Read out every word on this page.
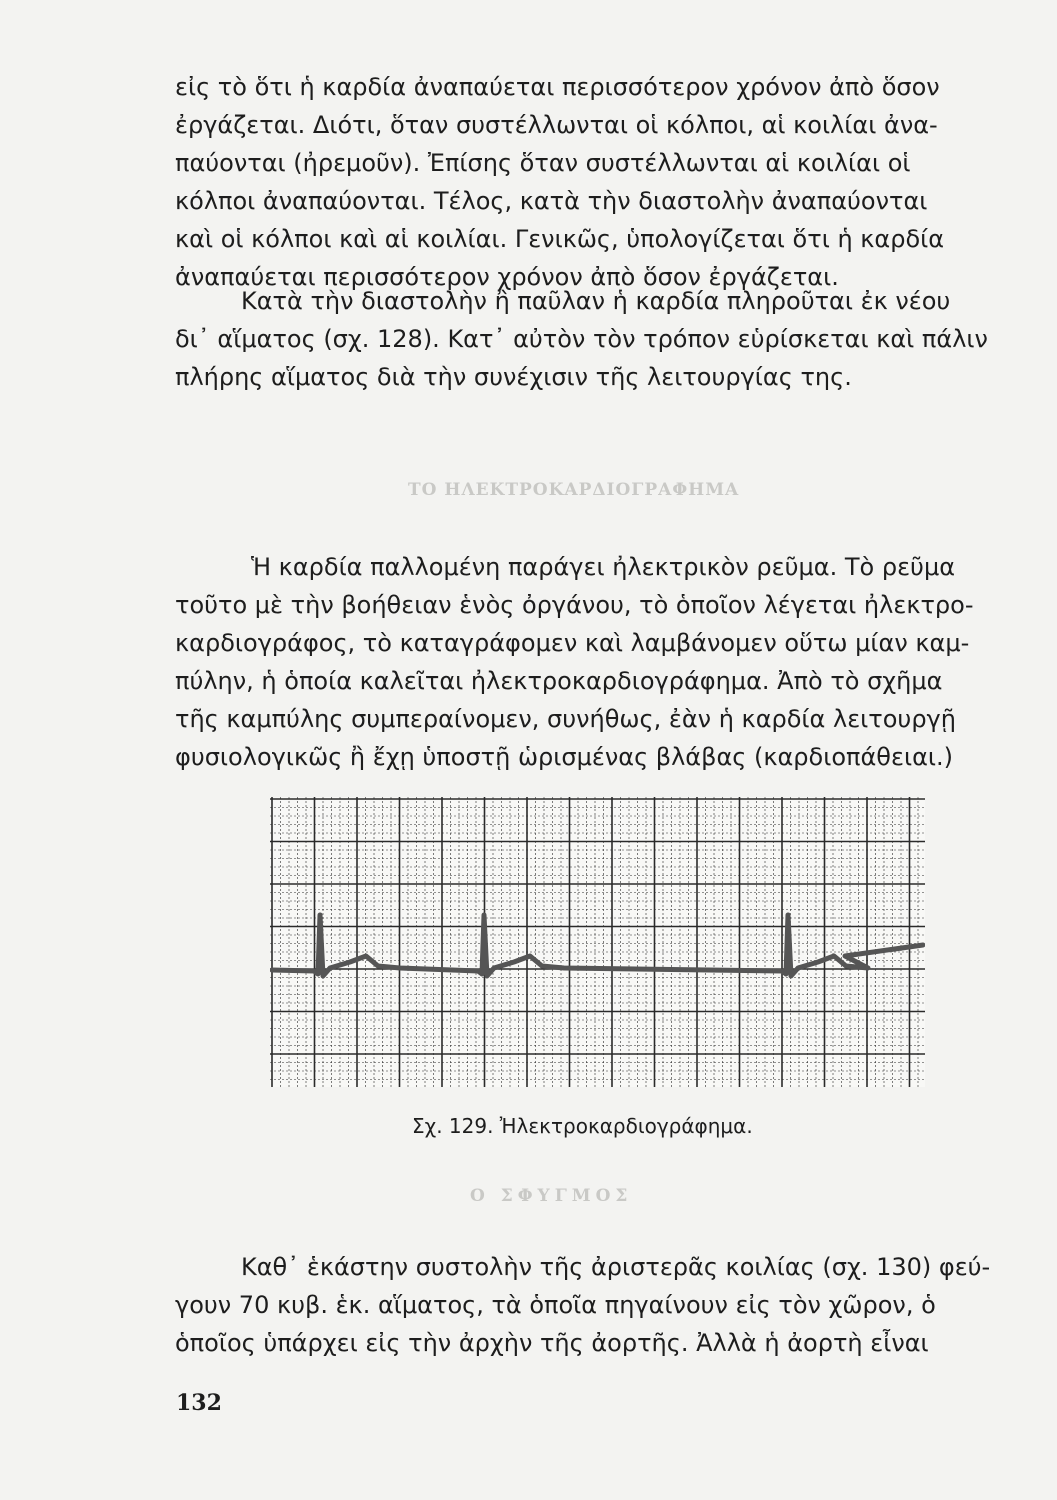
ΤΟ ΗΛΕΚΤΡΟΚΑΡΔΙΟΓΡΑΦΗΜΑ
Ο ΣΦΥΓΜΟΣ

εἰς τὸ ὅτι ἡ καρδία ἀναπαύεται περισσότερον χρόνον ἀπὸ ὅσον
ἐργάζεται. Διότι, ὅταν συστέλλωνται οἱ κόλποι, αἱ κοιλίαι ἀνα-
παύονται (ἠρεμοῦν). Ἐπίσης ὅταν συστέλλωνται αἱ κοιλίαι οἱ
κόλποι ἀναπαύονται. Τέλος, κατὰ τὴν διαστολὴν ἀναπαύονται
καὶ οἱ κόλποι καὶ αἱ κοιλίαι. Γενικῶς, ὑπολογίζεται ὅτι ἡ καρδία
ἀναπαύεται περισσότερον χρόνον ἀπὸ ὅσον ἐργάζεται.

Κατὰ τὴν διαστολὴν ἢ παῦλαν ἡ καρδία πληροῦται ἐκ νέου
δι᾽ αἵματος (σχ. 128). Κατ᾽ αὐτὸν τὸν τρόπον εὑρίσκεται καὶ πάλιν
πλήρης αἵματος διὰ τὴν συνέχισιν τῆς λειτουργίας της.

Ἡ καρδία παλλομένη παράγει ἠλεκτρικὸν ρεῦμα. Τὸ ρεῦμα
τοῦτο μὲ τὴν βοήθειαν ἑνὸς ὀργάνου, τὸ ὁποῖον λέγεται ἠλεκτρο-
καρδιογράφος, τὸ καταγράφομεν καὶ λαμβάνομεν οὕτω μίαν καμ-
πύλην, ἡ ὁποία καλεῖται ἠλεκτροκαρδιογράφημα. Ἀπὸ τὸ σχῆμα
τῆς καμπύλης συμπεραίνομεν, συνήθως, ἐὰν ἡ καρδία λειτουργῇ
φυσιολογικῶς ἢ ἔχῃ ὑποστῇ ὡρισμένας βλάβας (καρδιοπάθειαι.)

Σχ. 129. Ἠλεκτροκαρδιογράφημα.

Καθ᾽ ἑκάστην συστολὴν τῆς ἀριστερᾶς κοιλίας (σχ. 130) φεύ-
γουν 70 κυβ. ἑκ. αἵματος, τὰ ὁποῖα πηγαίνουν εἰς τὸν χῶρον, ὁ
ὁποῖος ὑπάρχει εἰς τὴν ἀρχὴν τῆς ἀορτῆς. Ἀλλὰ ἡ ἀορτὴ εἶναι

132
